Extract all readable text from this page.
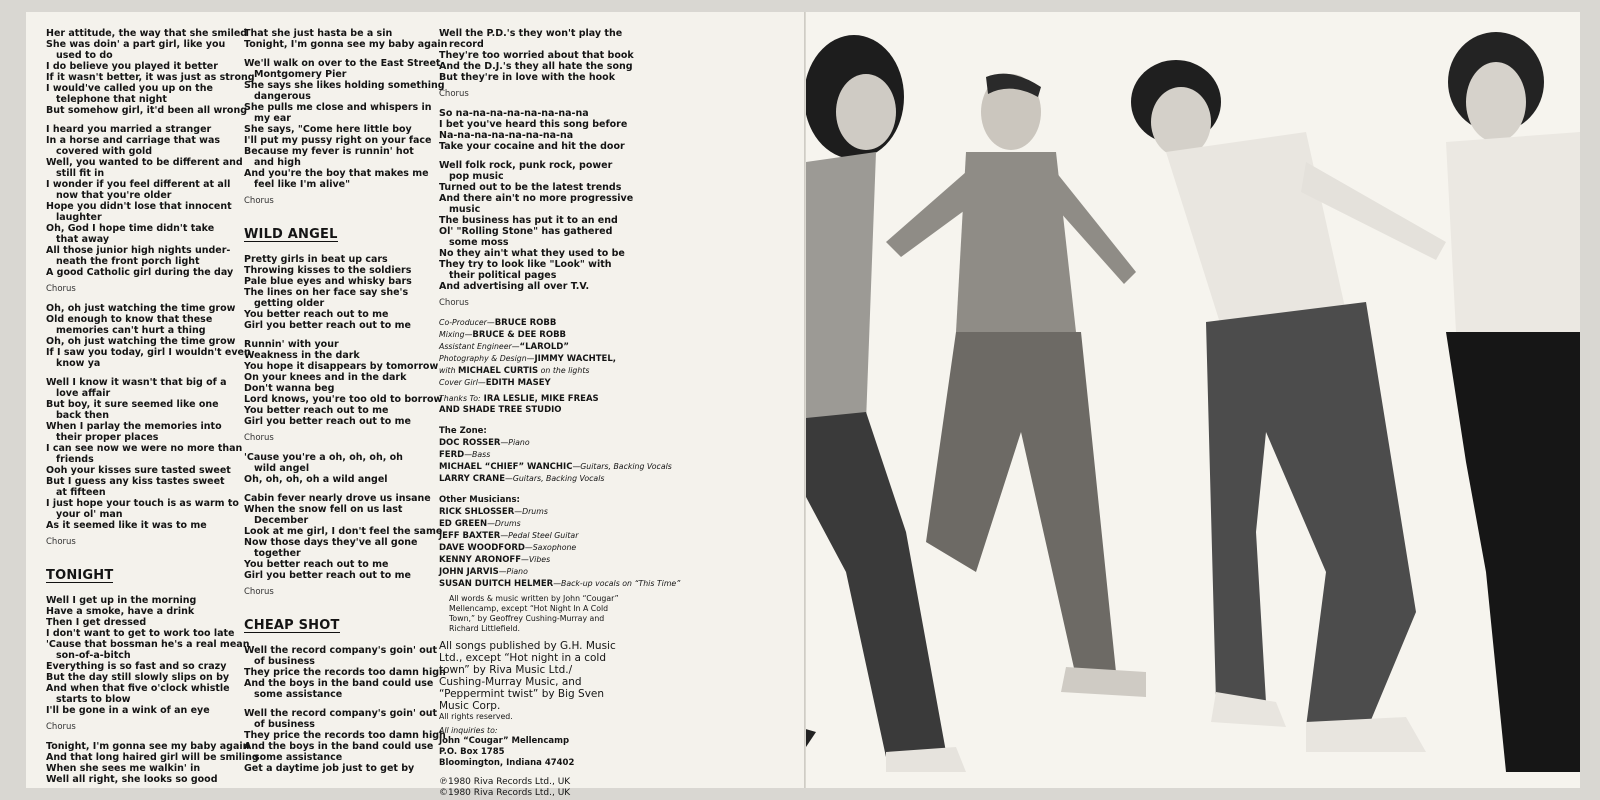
Her attitude, the way that she smiled
She was doin' a part girl, like you
used to do
I do believe you played it better
If it wasn't better, it was just as strong
I would've called you up on the
telephone that night
But somehow girl, it'd been all wrong
I heard you married a stranger
In a horse and carriage that was
covered with gold
Well, you wanted to be different and
still fit in
I wonder if you feel different at all
now that you're older
Hope you didn't lose that innocent
laughter
Oh, God I hope time didn't take
that away
All those junior high nights under-
neath the front porch light
A good Catholic girl during the day
Chorus
Oh, oh just watching the time grow
Old enough to know that these
memories can't hurt a thing
Oh, oh just watching the time grow
If I saw you today, girl I wouldn't even
know ya
Well I know it wasn't that big of a
love affair
But boy, it sure seemed like one
back then
When I parlay the memories into
their proper places
I can see now we were no more than
friends
Ooh your kisses sure tasted sweet
But I guess any kiss tastes sweet
at fifteen
I just hope your touch is as warm to
your ol' man
As it seemed like it was to me
Chorus
TONIGHT
Well I get up in the morning
Have a smoke, have a drink
Then I get dressed
I don't want to get to work too late
'Cause that bossman he's a real mean
son-of-a-bitch
Everything is so fast and so crazy
But the day still slowly slips on by
And when that five o'clock whistle
starts to blow
I'll be gone in a wink of an eye
Chorus
Tonight, I'm gonna see my baby again
And that long haired girl will be smiling
When she sees me walkin' in
Well all right, she looks so good
That she just hasta be a sin
Tonight, I'm gonna see my baby again
We'll walk on over to the East Street
Montgomery Pier
She says she likes holding something
dangerous
She pulls me close and whispers in
my ear
She says, "Come here little boy
I'll put my pussy right on your face
Because my fever is runnin' hot
and high
And you're the boy that makes me
feel like I'm alive"
Chorus
WILD ANGEL
Pretty girls in beat up cars
Throwing kisses to the soldiers
Pale blue eyes and whisky bars
The lines on her face say she's
getting older
You better reach out to me
Girl you better reach out to me
Runnin' with your
Weakness in the dark
You hope it disappears by tomorrow
On your knees and in the dark
Don't wanna beg
Lord knows, you're too old to borrow
You better reach out to me
Girl you better reach out to me
Chorus
'Cause you're a oh, oh, oh, oh
wild angel
Oh, oh, oh, oh a wild angel
Cabin fever nearly drove us insane
When the snow fell on us last
December
Look at me girl, I don't feel the same
Now those days they've all gone
together
You better reach out to me
Girl you better reach out to me
Chorus
CHEAP SHOT
Well the record company's goin' out
of business
They price the records too damn high
And the boys in the band could use
some assistance
Well the record company's goin' out
of business
They price the records too damn high
And the boys in the band could use
some assistance
Get a daytime job just to get by
Well the P.D.'s they won't play the
record
They're too worried about that book
And the D.J.'s they all hate the song
But they're in love with the hook
Chorus
So na-na-na-na-na-na-na-na
I bet you've heard this song before
Na-na-na-na-na-na-na-na
Take your cocaine and hit the door
Well folk rock, punk rock, power
pop music
Turned out to be the latest trends
And there ain't no more progressive
music
The business has put it to an end
Ol' "Rolling Stone" has gathered
some moss
No they ain't what they used to be
They try to look like "Look" with
their political pages
And advertising all over T.V.
Chorus
Co-Producer—BRUCE ROBB
Mixing—BRUCE & DEE ROBB
Assistant Engineer—“LAROLD”
Photography & Design—JIMMY WACHTEL,
with MICHAEL CURTIS on the lights
Cover Girl—EDITH MASEY
Thanks To: IRA LESLIE, MIKE FREAS
AND SHADE TREE STUDIO
The Zone:
DOC ROSSER—Piano
FERD—Bass
MICHAEL “CHIEF” WANCHIC—Guitars, Backing Vocals
LARRY CRANE—Guitars, Backing Vocals
Other Musicians:
RICK SHLOSSER—Drums
ED GREEN—Drums
JEFF BAXTER—Pedal Steel Guitar
DAVE WOODFORD—Saxophone
KENNY ARONOFF—Vibes
JOHN JARVIS—Piano
SUSAN DUITCH HELMER—Back-up vocals on “This Time”
All words & music written by John “Cougar” Mellencamp, except “Hot Night In A Cold Town,” by Geoffrey Cushing-Murray and Richard Littlefield.
All songs published by G.H. Music Ltd., except “Hot night in a cold town” by Riva Music Ltd./ Cushing-Murray Music, and “Peppermint twist” by Big Sven Music Corp.
All rights reserved.
All inquiries to:
John “Cougar” Mellencamp
P.O. Box 1785
Bloomington, Indiana 47402
℗1980 Riva Records Ltd., UK
©1980 Riva Records Ltd., UK
